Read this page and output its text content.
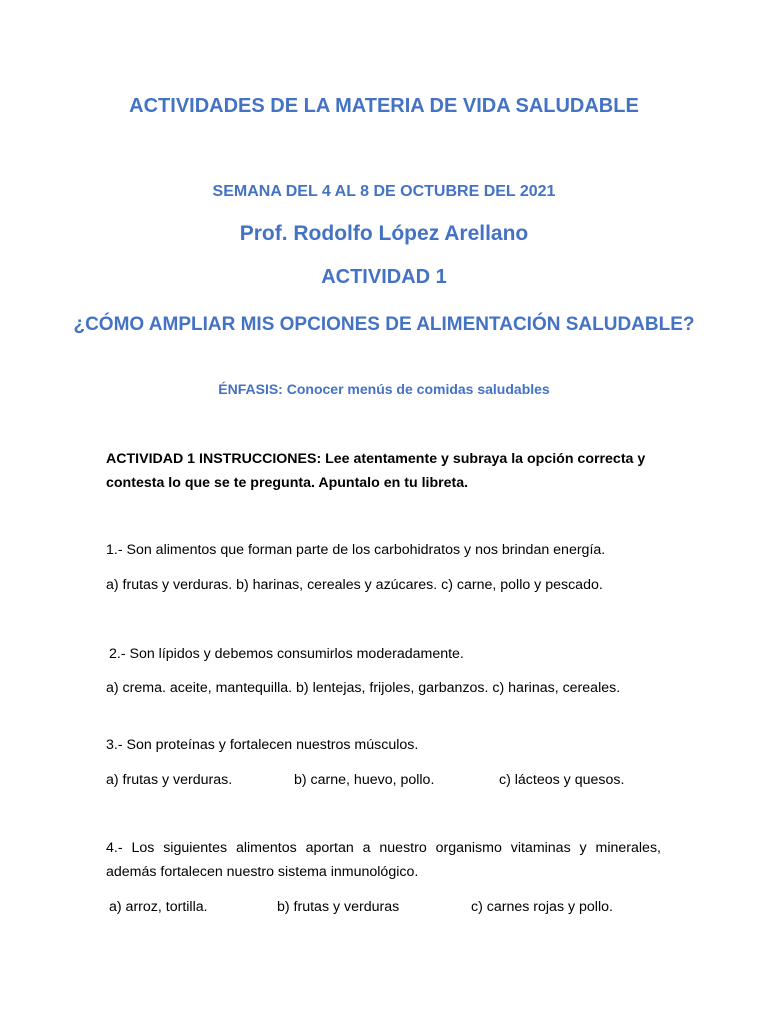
ACTIVIDADES DE LA MATERIA DE VIDA SALUDABLE
SEMANA DEL 4 AL 8 DE OCTUBRE DEL 2021
Prof. Rodolfo López Arellano
ACTIVIDAD 1
¿CÓMO AMPLIAR MIS OPCIONES DE ALIMENTACIÓN SALUDABLE?
ÉNFASIS: Conocer menús de comidas saludables
ACTIVIDAD 1 INSTRUCCIONES: Lee atentamente y subraya la opción correcta y contesta lo que se te pregunta. Apuntalo en tu libreta.
1.- Son alimentos que forman parte de los carbohidratos y nos brindan energía.
a) frutas y verduras. b) harinas, cereales y azúcares. c) carne, pollo y pescado.
2.- Son lípidos y debemos consumirlos moderadamente.
a) crema. aceite, mantequilla. b) lentejas, frijoles, garbanzos. c) harinas, cereales.
3.- Son proteínas y fortalecen nuestros músculos.
a) frutas y verduras.	b) carne, huevo, pollo.	c) lácteos y quesos.
4.- Los siguientes alimentos aportan a nuestro organismo vitaminas y minerales, además fortalecen nuestro sistema inmunológico.
a) arroz, tortilla.	b) frutas y verduras	c) carnes rojas y pollo.
